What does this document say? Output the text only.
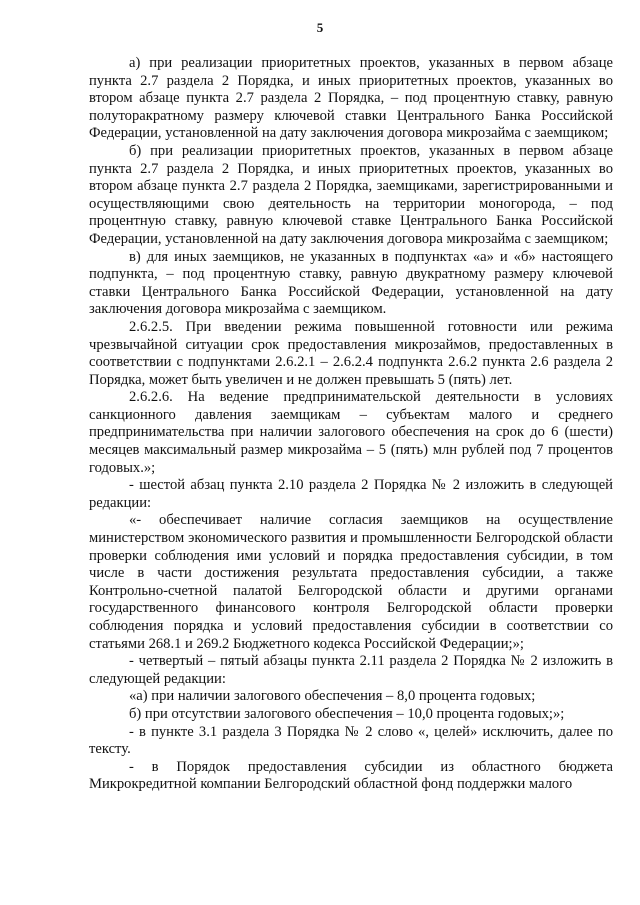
5

а) при реализации приоритетных проектов, указанных в первом абзаце пункта 2.7 раздела 2 Порядка, и иных приоритетных проектов, указанных во втором абзаце пункта 2.7 раздела 2 Порядка, – под процентную ставку, равную полуторакратному размеру ключевой ставки Центрального Банка Российской Федерации, установленной на дату заключения договора микрозайма с заемщиком;

б) при реализации приоритетных проектов, указанных в первом абзаце пункта 2.7 раздела 2 Порядка, и иных приоритетных проектов, указанных во втором абзаце пункта 2.7 раздела 2 Порядка, заемщиками, зарегистрированными и осуществляющими свою деятельность на территории моногорода, – под процентную ставку, равную ключевой ставке Центрального Банка Российской Федерации, установленной на дату заключения договора микрозайма с заемщиком;

в) для иных заемщиков, не указанных в подпунктах «а» и «б» настоящего подпункта, – под процентную ставку, равную двукратному размеру ключевой ставки Центрального Банка Российской Федерации, установленной на дату заключения договора микрозайма с заемщиком.

2.6.2.5. При введении режима повышенной готовности или режима чрезвычайной ситуации срок предоставления микрозаймов, предоставленных в соответствии с подпунктами 2.6.2.1 – 2.6.2.4 подпункта 2.6.2 пункта 2.6 раздела 2 Порядка, может быть увеличен и не должен превышать 5 (пять) лет.

2.6.2.6. На ведение предпринимательской деятельности в условиях санкционного давления заемщикам – субъектам малого и среднего предпринимательства при наличии залогового обеспечения на срок до 6 (шести) месяцев максимальный размер микрозайма – 5 (пять) млн рублей под 7 процентов годовых.»;

- шестой абзац пункта 2.10 раздела 2 Порядка № 2 изложить в следующей редакции:

«- обеспечивает наличие согласия заемщиков на осуществление министерством экономического развития и промышленности Белгородской области проверки соблюдения ими условий и порядка предоставления субсидии, в том числе в части достижения результата предоставления субсидии, а также Контрольно-счетной палатой Белгородской области и другими органами государственного финансового контроля Белгородской области проверки соблюдения порядка и условий предоставления субсидии в соответствии со статьями 268.1 и 269.2 Бюджетного кодекса Российской Федерации;»;

- четвертый – пятый абзацы пункта 2.11 раздела 2 Порядка № 2 изложить в следующей редакции:

«а) при наличии залогового обеспечения – 8,0 процента годовых;

б) при отсутствии залогового обеспечения – 10,0 процента годовых;»;

- в пункте 3.1 раздела 3 Порядка № 2 слово «, целей» исключить, далее по тексту.

- в Порядок предоставления субсидии из областного бюджета Микрокредитной компании Белгородский областной фонд поддержки малого
